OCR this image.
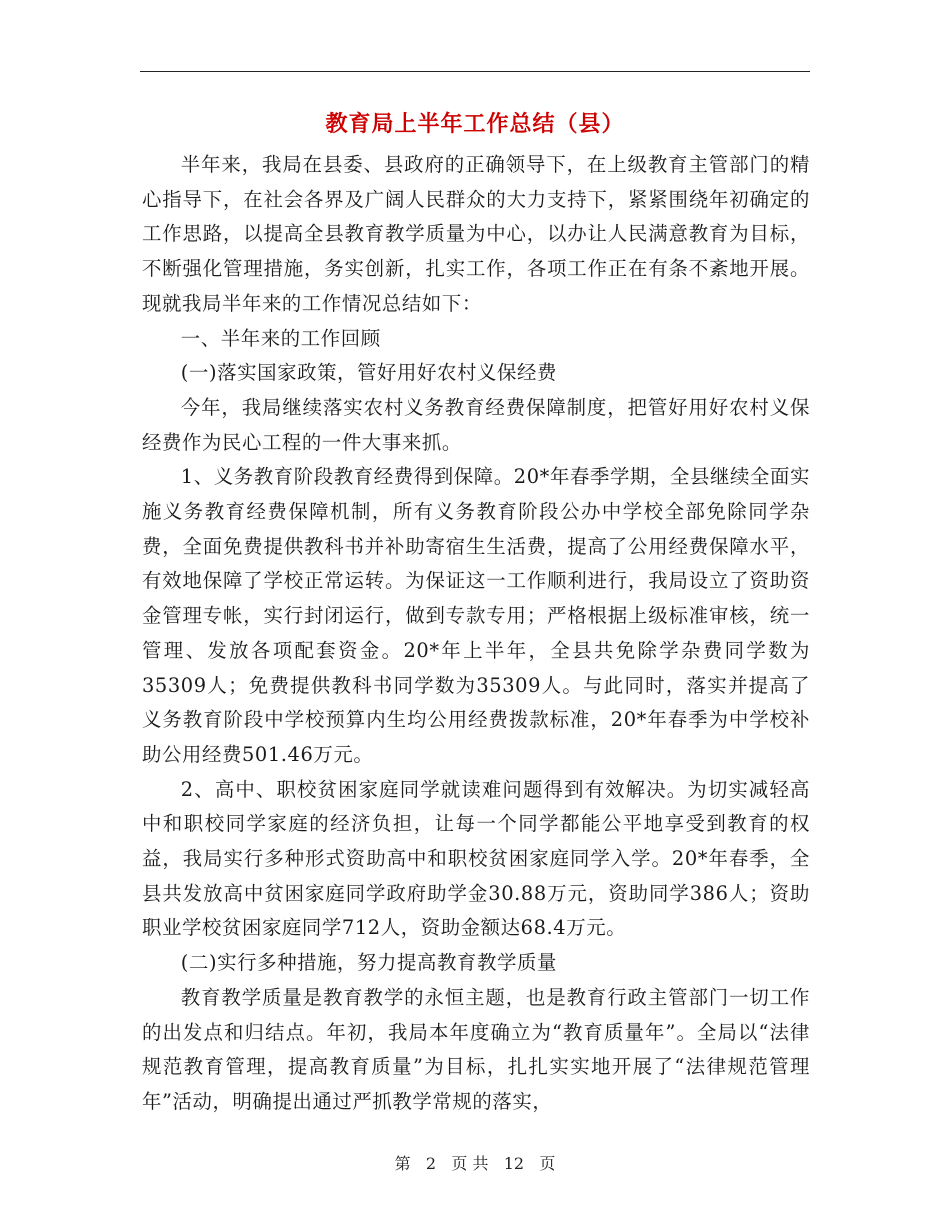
教育局上半年工作总结（县）

半年来，我局在县委、县政府的正确领导下，在上级教育主管部门的精心指导下，在社会各界及广阔人民群众的大力支持下，紧紧围绕年初确定的工作思路，以提高全县教育教学质量为中心，以办让人民满意教育为目标，不断强化管理措施，务实创新，扎实工作，各项工作正在有条不紊地开展。现就我局半年来的工作情况总结如下：

一、半年来的工作回顾

(一)落实国家政策，管好用好农村义保经费

今年，我局继续落实农村义务教育经费保障制度，把管好用好农村义保经费作为民心工程的一件大事来抓。

1、义务教育阶段教育经费得到保障。20*年春季学期，全县继续全面实施义务教育经费保障机制，所有义务教育阶段公办中学校全部免除同学杂费，全面免费提供教科书并补助寄宿生生活费，提高了公用经费保障水平，有效地保障了学校正常运转。为保证这一工作顺利进行，我局设立了资助资金管理专帐，实行封闭运行，做到专款专用；严格根据上级标准审核，统一管理、发放各项配套资金。20*年上半年，全县共免除学杂费同学数为35309人；免费提供教科书同学数为35309人。与此同时，落实并提高了义务教育阶段中学校预算内生均公用经费拨款标准，20*年春季为中学校补助公用经费501.46万元。

2、高中、职校贫困家庭同学就读难问题得到有效解决。为切实减轻高中和职校同学家庭的经济负担，让每一个同学都能公平地享受到教育的权益，我局实行多种形式资助高中和职校贫困家庭同学入学。20*年春季，全县共发放高中贫困家庭同学政府助学金30.88万元，资助同学386人；资助职业学校贫困家庭同学712人，资助金额达68.4万元。

(二)实行多种措施，努力提高教育教学质量

教育教学质量是教育教学的永恒主题，也是教育行政主管部门一切工作的出发点和归结点。年初，我局本年度确立为“教育质量年”。全局以“法律规范教育管理，提高教育质量”为目标，扎扎实实地开展了“法律规范管理年”活动，明确提出通过严抓教学常规的落实，

第 2 页 共 12 页
